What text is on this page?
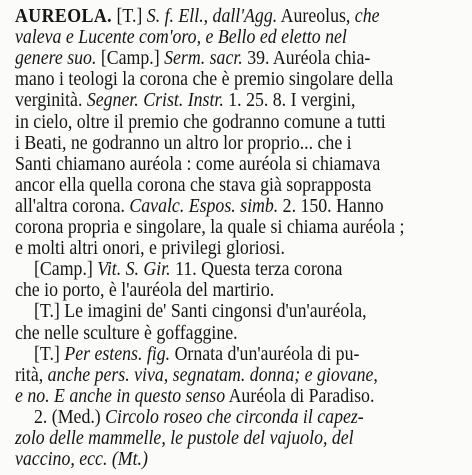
AUREOLA. [T.] S. f. Ell., dall'Agg. Aureolus, che
valeva e Lucente com'oro, e Bello ed eletto nel
genere suo. [Camp.] Serm. sacr. 39. Auréola chia-
mano i teologi la corona che è premio singolare della
verginità. Segner. Crist. Instr. 1. 25. 8. I vergini,
in cielo, oltre il premio che godranno comune a tutti
i Beati, ne godranno un altro lor proprio... che i
Santi chiamano auréola : come auréola si chiamava
ancor ella quella corona che stava già soprapposta
all'altra corona. Cavalc. Espos. simb. 2. 150. Hanno
corona propria e singolare, la quale si chiama auréola ;
e molti altri onori, e privilegi gloriosi.
[Camp.] Vit. S. Gir. 11. Questa terza corona
che io porto, è l'auréola del martirio.
[T.] Le imagini de' Santi cingonsi d'un'auréola,
che nelle sculture è goffaggine.
[T.] Per estens. fig. Ornata d'un'auréola di pu-
rità, anche pers. viva, segnatam. donna; e giovane,
e no. E anche in questo senso Auréola di Paradiso.
2. (Med.) Circolo roseo che circonda il capez-
zolo delle mammelle, le pustole del vajuolo, del
vaccino, ecc. (Mt.)
